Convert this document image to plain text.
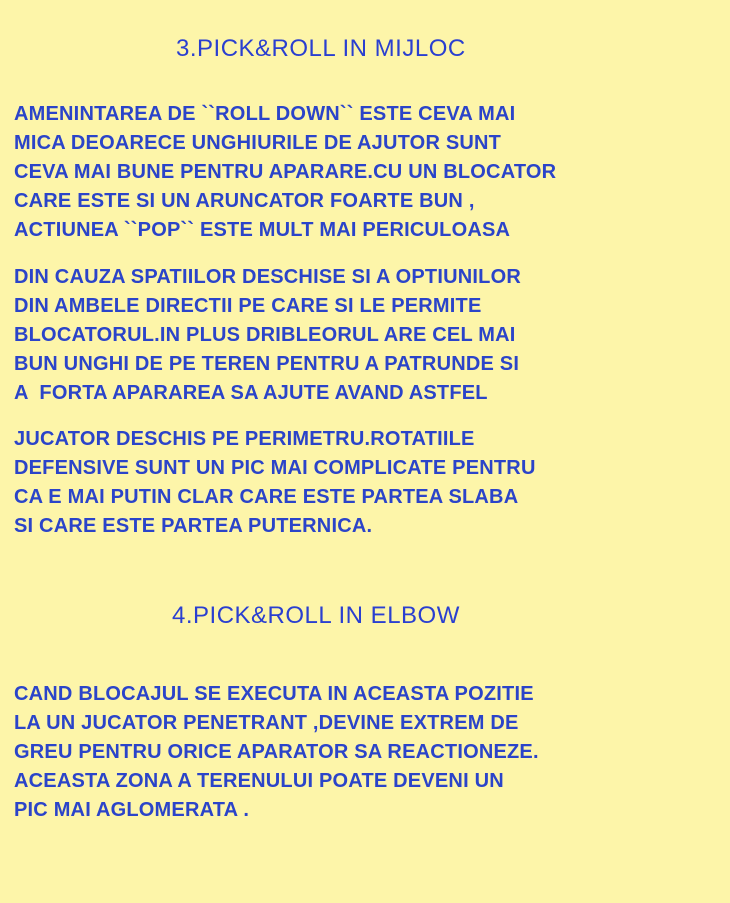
3.PICK&ROLL IN MIJLOC
AMENINTAREA DE ``ROLL DOWN`` ESTE CEVA MAI
MICA DEOARECE UNGHIURILE DE AJUTOR SUNT
CEVA MAI BUNE PENTRU APARARE.CU UN BLOCATOR
CARE ESTE SI UN ARUNCATOR FOARTE BUN ,
ACTIUNEA ``POP`` ESTE MULT MAI PERICULOASA
DIN CAUZA SPATIILOR DESCHISE SI A OPTIUNILOR
DIN AMBELE DIRECTII PE CARE SI LE PERMITE
BLOCATORUL.IN PLUS DRIBLEORUL ARE CEL MAI
BUN UNGHI DE PE TEREN PENTRU A PATRUNDE SI
A  FORTA APARAREA SA AJUTE AVAND ASTFEL
JUCATOR DESCHIS PE PERIMETRU.ROTATIILE
DEFENSIVE SUNT UN PIC MAI COMPLICATE PENTRU
CA E MAI PUTIN CLAR CARE ESTE PARTEA SLABA
SI CARE ESTE PARTEA PUTERNICA.
4.PICK&ROLL IN ELBOW
CAND BLOCAJUL SE EXECUTA IN ACEASTA POZITIE
LA UN JUCATOR PENETRANT ,DEVINE EXTREM DE
GREU PENTRU ORICE APARATOR SA REACTIONEZE.
ACEASTA ZONA A TERENULUI POATE DEVENI UN
PIC MAI AGLOMERATA .
